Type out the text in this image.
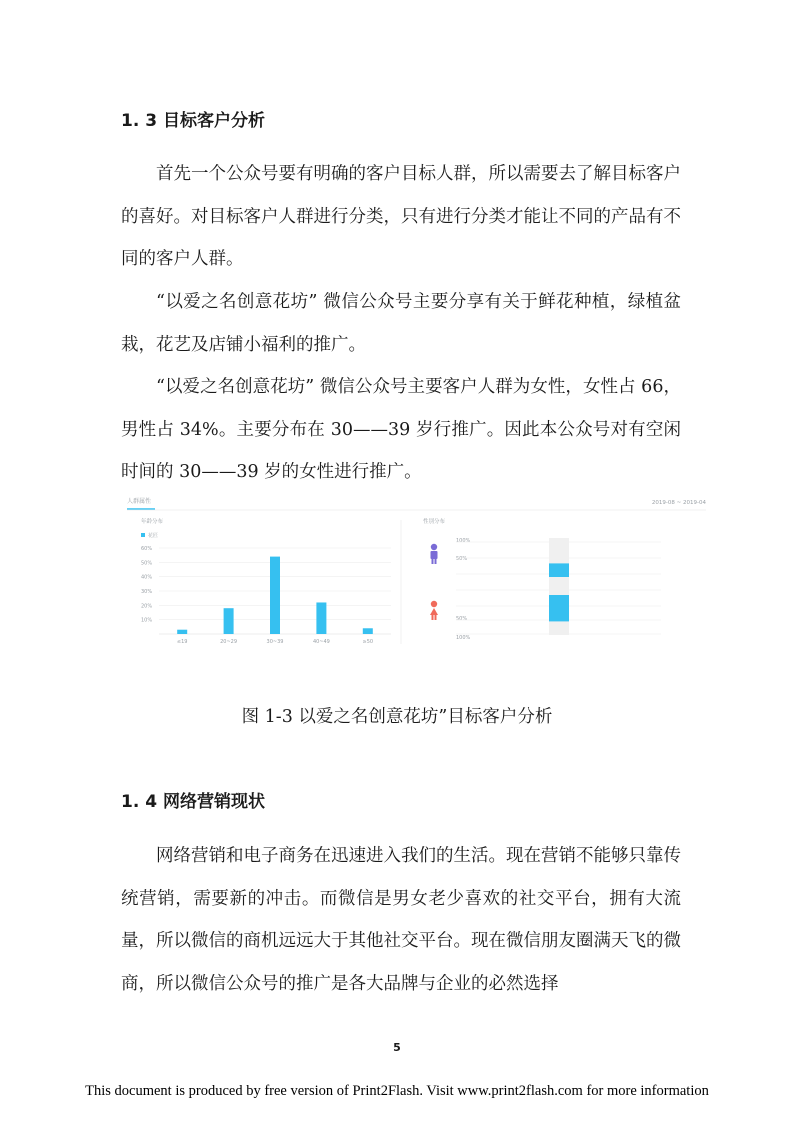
1. 3 目标客户分析

首先一个公众号要有明确的客户目标人群，所以需要去了解目标客户的喜好。对目标客户人群进行分类，只有进行分类才能让不同的产品有不同的客户人群。

“以爱之名创意花坊” 微信公众号主要分享有关于鲜花种植，绿植盆栽，花艺及店铺小福利的推广。

“以爱之名创意花坊” 微信公众号主要客户人群为女性，女性占 66，男性占 34%。主要分布在 30——39 岁行推广。因此本公众号对有空闲时间的 30——39 岁的女性进行推广。

人群属性	2019-08 ~ 2019-04
年龄分布
花匠
10%
20%
30%
40%
50%
60%
≤19	20~29	30~39	40~49	≥50
性别分布
100%
50%
50%
100%
图 1-3 以爱之名创意花坊”目标客户分析
1. 4 网络营销现状

网络营销和电子商务在迅速进入我们的生活。现在营销不能够只靠传统营销，需要新的冲击。而微信是男女老少喜欢的社交平台，拥有大流量，所以微信的商机远远大于其他社交平台。现在微信朋友圈满天飞的微商，所以微信公众号的推广是各大品牌与企业的必然选择

5
This document is produced by free version of Print2Flash. Visit www.print2flash.com for more information
